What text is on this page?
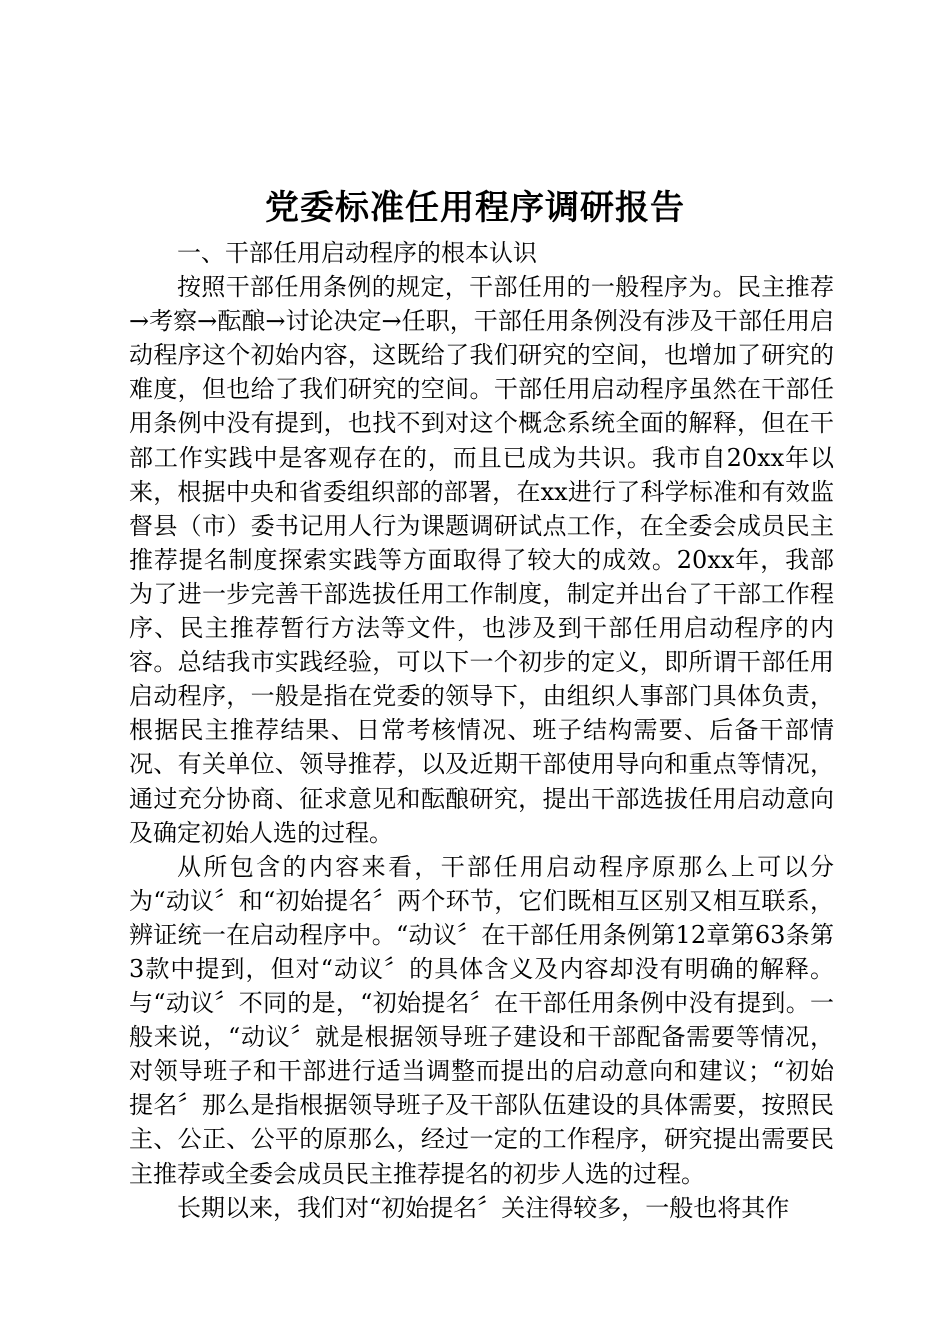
党委标准任用程序调研报告

一、干部任用启动程序的根本认识

按照干部任用条例的规定，干部任用的一般程序为。民主推荐→考察→酝酿→讨论决定→任职，干部任用条例没有涉及干部任用启动程序这个初始内容，这既给了我们研究的空间，也增加了研究的难度，但也给了我们研究的空间。干部任用启动程序虽然在干部任用条例中没有提到，也找不到对这个概念系统全面的解释，但在干部工作实践中是客观存在的，而且已成为共识。我市自20xx年以来，根据中央和省委组织部的部署，在xx进行了科学标准和有效监督县（市）委书记用人行为课题调研试点工作，在全委会成员民主推荐提名制度探索实践等方面取得了较大的成效。20xx年，我部为了进一步完善干部选拔任用工作制度，制定并出台了干部工作程序、民主推荐暂行方法等文件，也涉及到干部任用启动程序的内容。总结我市实践经验，可以下一个初步的定义，即所谓干部任用启动程序，一般是指在党委的领导下，由组织人事部门具体负责，根据民主推荐结果、日常考核情况、班子结构需要、后备干部情况、有关单位、领导推荐，以及近期干部使用导向和重点等情况，通过充分协商、征求意见和酝酿研究，提出干部选拔任用启动意向及确定初始人选的过程。

从所包含的内容来看，干部任用启动程序原那么上可以分为“动议〞和“初始提名〞两个环节，它们既相互区别又相互联系，辨证统一在启动程序中。“动议〞在干部任用条例第12章第63条第3款中提到，但对“动议〞的具体含义及内容却没有明确的解释。与“动议〞不同的是，“初始提名〞在干部任用条例中没有提到。一般来说，“动议〞就是根据领导班子建设和干部配备需要等情况，对领导班子和干部进行适当调整而提出的启动意向和建议；“初始提名〞那么是指根据领导班子及干部队伍建设的具体需要，按照民主、公正、公平的原那么，经过一定的工作程序，研究提出需要民主推荐或全委会成员民主推荐提名的初步人选的过程。

长期以来，我们对“初始提名〞关注得较多，一般也将其作
